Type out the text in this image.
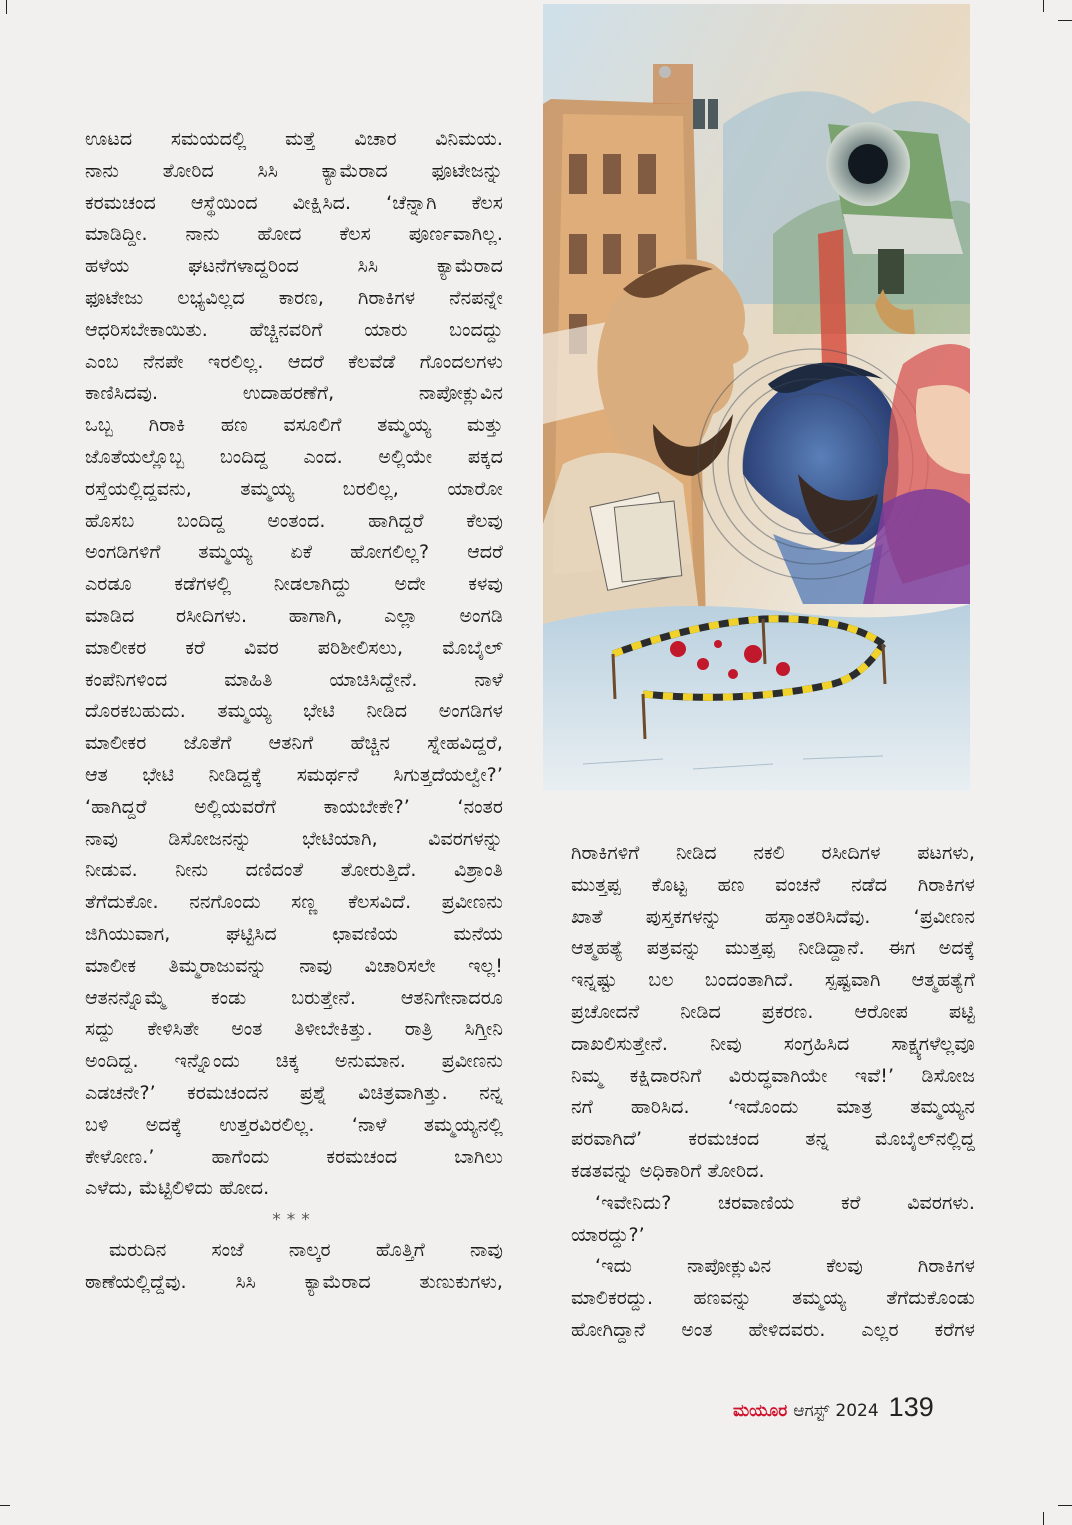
ಊಟದ ಸಮಯದಲ್ಲಿ ಮತ್ತೆ ವಿಚಾರ ವಿನಿಮಯ.
ನಾನು ತೋರಿದ ಸಿಸಿ ಕ್ಯಾಮೆರಾದ ಫೂಟೇಜನ್ನು
ಕರಮಚಂದ ಆಸ್ಥೆಯಿಂದ ವೀಕ್ಷಿಸಿದ. ‘ಚೆನ್ನಾಗಿ ಕೆಲಸ
ಮಾಡಿದ್ದೀ. ನಾನು ಹೋದ ಕೆಲಸ ಪೂರ್ಣವಾಗಿಲ್ಲ.
ಹಳೆಯ ಘಟನೆಗಳಾದ್ದರಿಂದ ಸಿಸಿ ಕ್ಯಾಮೆರಾದ
ಫೂಟೇಜು ಲಭ್ಯವಿಲ್ಲದ ಕಾರಣ, ಗಿರಾಕಿಗಳ ನೆನಪನ್ನೇ
ಆಧರಿಸಬೇಕಾಯಿತು. ಹೆಚ್ಚಿನವರಿಗೆ ಯಾರು ಬಂದದ್ದು
ಎಂಬ ನೆನಪೇ ಇರಲಿಲ್ಲ. ಆದರೆ ಕೆಲವೆಡೆ ಗೊಂದಲಗಳು
ಕಾಣಿಸಿದವು. ಉದಾಹರಣೆಗೆ, ನಾಪೋಕ್ಲುವಿನ
ಒಬ್ಬ ಗಿರಾಕಿ ಹಣ ವಸೂಲಿಗೆ ತಮ್ಮಯ್ಯ ಮತ್ತು
ಜೊತೆಯಲ್ಲೊಬ್ಬ ಬಂದಿದ್ದ ಎಂದ. ಅಲ್ಲಿಯೇ ಪಕ್ಕದ
ರಸ್ತೆಯಲ್ಲಿದ್ದವನು, ತಮ್ಮಯ್ಯ ಬರಲಿಲ್ಲ, ಯಾರೋ
ಹೊಸಬ ಬಂದಿದ್ದ ಅಂತಂದ. ಹಾಗಿದ್ದರೆ ಕೆಲವು
ಅಂಗಡಿಗಳಿಗೆ ತಮ್ಮಯ್ಯ ಏಕೆ ಹೋಗಲಿಲ್ಲ? ಆದರೆ
ಎರಡೂ ಕಡೆಗಳಲ್ಲಿ ನೀಡಲಾಗಿದ್ದು ಅದೇ ಕಳವು
ಮಾಡಿದ ರಸೀದಿಗಳು. ಹಾಗಾಗಿ, ಎಲ್ಲಾ ಅಂಗಡಿ
ಮಾಲೀಕರ ಕರೆ ವಿವರ ಪರಿಶೀಲಿಸಲು, ಮೊಬೈಲ್
ಕಂಪೆನಿಗಳಿಂದ ಮಾಹಿತಿ ಯಾಚಿಸಿದ್ದೇನೆ. ನಾಳೆ
ದೊರಕಬಹುದು. ತಮ್ಮಯ್ಯ ಭೇಟಿ ನೀಡಿದ ಅಂಗಡಿಗಳ
ಮಾಲೀಕರ ಜೊತೆಗೆ ಆತನಿಗೆ ಹೆಚ್ಚಿನ ಸ್ನೇಹವಿದ್ದರೆ,
ಆತ ಭೇಟಿ ನೀಡಿದ್ದಕ್ಕೆ ಸಮರ್ಥನೆ ಸಿಗುತ್ತದೆಯಲ್ವೇ?’
‘ಹಾಗಿದ್ದರೆ ಅಲ್ಲಿಯವರೆಗೆ ಕಾಯಬೇಕೇ?’ ‘ನಂತರ
ನಾವು ಡಿಸೋಜನನ್ನು ಭೇಟಿಯಾಗಿ, ವಿವರಗಳನ್ನು
ನೀಡುವ. ನೀನು ದಣಿದಂತೆ ತೋರುತ್ತಿದೆ. ವಿಶ್ರಾಂತಿ
ತೆಗೆದುಕೋ. ನನಗೊಂದು ಸಣ್ಣ ಕೆಲಸವಿದೆ. ಪ್ರವೀಣನು
ಜಿಗಿಯುವಾಗ, ಘಟ್ಟಿಸಿದ ಛಾವಣಿಯ ಮನೆಯ
ಮಾಲೀಕ ತಿಮ್ಮರಾಜುವನ್ನು ನಾವು ವಿಚಾರಿಸಲೇ ಇಲ್ಲ!
ಆತನನ್ನೊಮ್ಮೆ ಕಂಡು ಬರುತ್ತೇನೆ. ಆತನಿಗೇನಾದರೂ
ಸದ್ದು ಕೇಳಿಸಿತೇ ಅಂತ ತಿಳೀಬೇಕಿತ್ತು. ರಾತ್ರಿ ಸಿಗ್ತೀನಿ
ಅಂದಿದ್ದ. ಇನ್ನೊಂದು ಚಿಕ್ಕ ಅನುಮಾನ. ಪ್ರವೀಣನು
ಎಡಚನೇ?’ ಕರಮಚಂದನ ಪ್ರಶ್ನೆ ವಿಚಿತ್ರವಾಗಿತ್ತು. ನನ್ನ
ಬಳಿ ಅದಕ್ಕೆ ಉತ್ತರವಿರಲಿಲ್ಲ. ‘ನಾಳೆ ತಮ್ಮಯ್ಯನಲ್ಲಿ
ಕೇಳೋಣ.’ ಹಾಗೆಂದು ಕರಮಚಂದ ಬಾಗಿಲು
ಎಳೆದು, ಮೆಟ್ಟಿಲಿಳಿದು ಹೋದ.
***
ಮರುದಿನ ಸಂಜೆ ನಾಲ್ಕರ ಹೊತ್ತಿಗೆ ನಾವು
ಠಾಣೆಯಲ್ಲಿದ್ದೆವು. ಸಿಸಿ ಕ್ಯಾಮೆರಾದ ತುಣುಕುಗಳು,
ಗಿರಾಕಿಗಳಿಗೆ ನೀಡಿದ ನಕಲಿ ರಸೀದಿಗಳ ಪಟಗಳು,
ಮುತ್ತಪ್ಪ ಕೊಟ್ಟ ಹಣ ವಂಚನೆ ನಡೆದ ಗಿರಾಕಿಗಳ
ಖಾತೆ ಪುಸ್ತಕಗಳನ್ನು ಹಸ್ತಾಂತರಿಸಿದೆವು. ‘ಪ್ರವೀಣನ
ಆತ್ಮಹತ್ಯೆ ಪತ್ರವನ್ನು ಮುತ್ತಪ್ಪ ನೀಡಿದ್ದಾನೆ. ಈಗ ಅದಕ್ಕೆ
ಇನ್ನಷ್ಟು ಬಲ ಬಂದಂತಾಗಿದೆ. ಸ್ಪಷ್ಟವಾಗಿ ಆತ್ಮಹತ್ಯೆಗೆ
ಪ್ರಚೋದನೆ ನೀಡಿದ ಪ್ರಕರಣ. ಆರೋಪ ಪಟ್ಟಿ
ದಾಖಲಿಸುತ್ತೇನೆ. ನೀವು ಸಂಗ್ರಹಿಸಿದ ಸಾಕ್ಷ್ಯಗಳೆಲ್ಲವೂ
ನಿಮ್ಮ ಕಕ್ಷಿದಾರನಿಗೆ ವಿರುದ್ಧವಾಗಿಯೇ ಇವೆ!’ ಡಿಸೋಜ
ನಗೆ ಹಾರಿಸಿದ. ‘ಇದೊಂದು ಮಾತ್ರ ತಮ್ಮಯ್ಯನ
ಪರವಾಗಿದೆ’ ಕರಮಚಂದ ತನ್ನ ಮೊಬೈಲ್‌ನಲ್ಲಿದ್ದ
ಕಡತವನ್ನು ಅಧಿಕಾರಿಗೆ ತೋರಿದ.
‘ಇವೇನಿದು? ಚರವಾಣಿಯ ಕರೆ ವಿವರಗಳು.
ಯಾರದ್ದು?’
‘ಇದು ನಾಪೋಕ್ಲುವಿನ ಕೆಲವು ಗಿರಾಕಿಗಳ
ಮಾಲಿಕರದ್ದು. ಹಣವನ್ನು ತಮ್ಮಯ್ಯ ತೆಗೆದುಕೊಂಡು
ಹೋಗಿದ್ದಾನೆ ಅಂತ ಹೇಳಿದವರು. ಎಲ್ಲರ ಕರೆಗಳ
ಮಯೂರ ಆಗಸ್ಟ್ 2024 139
